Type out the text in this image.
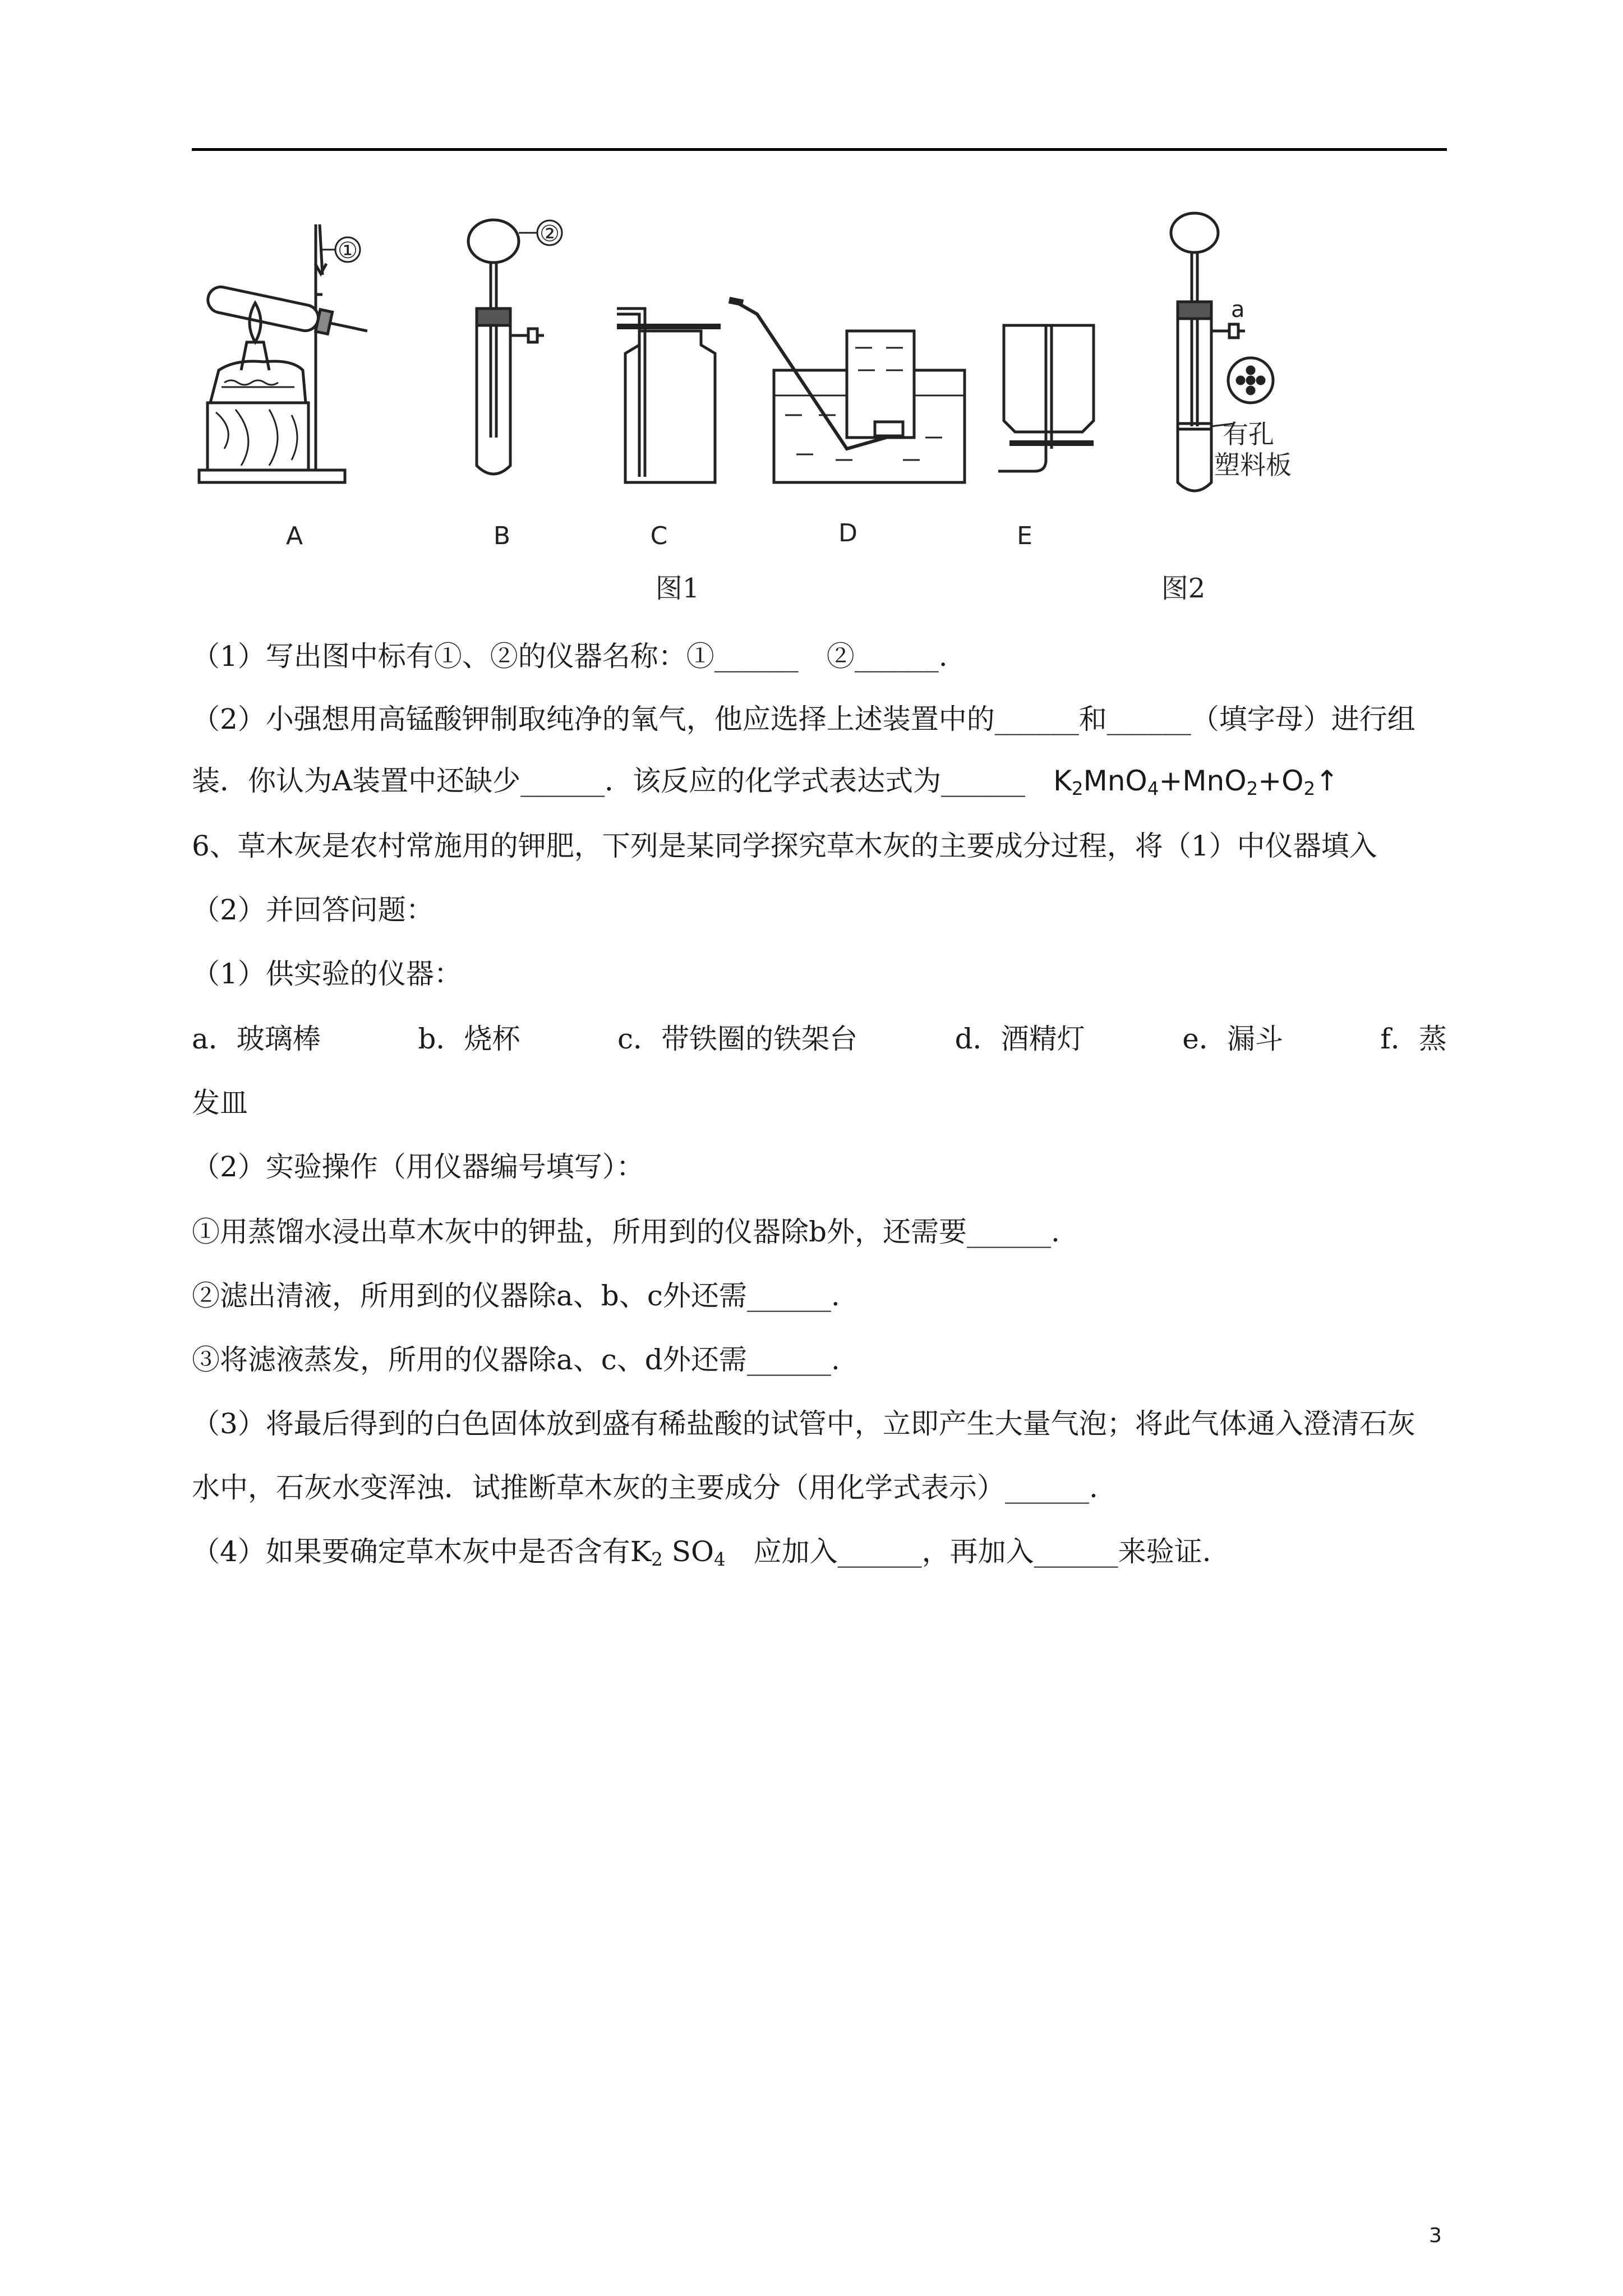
①
②
a
有孔
塑料板
A	B	C	D	E
图1	图2
（1）写出图中标有①、②的仪器名称：①______　②______.
（2）小强想用高锰酸钾制取纯净的氧气，他应选择上述装置中的______和______（填字母）进行组
装．你认为A装置中还缺少______．该反应的化学式表达式为______　$K_2MnO_4+MnO_2+O_2↑$
6、草木灰是农村常施用的钾肥，下列是某同学探究草木灰的主要成分过程，将（1）中仪器填入
（2）并回答问题：
（1）供实验的仪器：
a．玻璃棒	b．烧杯	c．带铁圈的铁架台	d．酒精灯	e．漏斗	f．蒸
发皿
（2）实验操作（用仪器编号填写）：
①用蒸馏水浸出草木灰中的钾盐，所用到的仪器除b外，还需要______.
②滤出清液，所用到的仪器除a、b、c外还需______.
③将滤液蒸发，所用的仪器除a、c、d外还需______.
（3）将最后得到的白色固体放到盛有稀盐酸的试管中，立即产生大量气泡；将此气体通入澄清石灰
水中，石灰水变浑浊．试推断草木灰的主要成分（用化学式表示）______.
（4）如果要确定草木灰中是否含有$K_2$ $SO_4$　应加入______，再加入______来验证.
3
